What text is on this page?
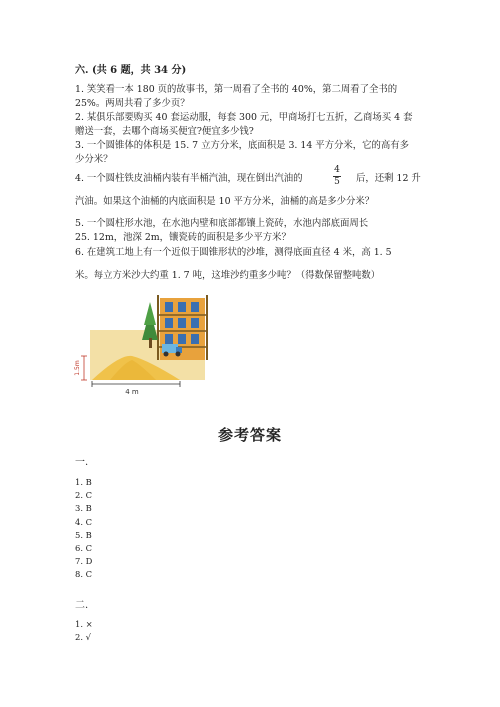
六. (共 6 题，共 34 分)
1. 笑笑看一本 180 页的故事书，第一周看了全书的 40%，第二周看了全书的
25%。两周共看了多少页？
2. 某俱乐部要购买 40 套运动服，每套 300 元，甲商场打七五折，乙商场买 4 套
赠送一套，去哪个商场买便宜?便宜多少钱?
3. 一个圆锥体的体积是 15. 7 立方分米，底面积是 3. 14 平方分米，它的高有多
少分米？
4. 一个圆柱铁皮油桶内装有半桶汽油，现在倒出汽油的
4
5	后，还剩 12 升
汽油。如果这个油桶的内底面积是 10 平方分米，油桶的高是多少分米？
5. 一个圆柱形水池，在水池内壁和底部都镶上瓷砖，水池内部底面周长
25. 12m，池深 2m，镶瓷砖的面积是多少平方米？
6. 在建筑工地上有一个近似于圆锥形状的沙堆，测得底面直径 4 米，高 1. 5
米。每立方米沙大约重 1. 7 吨，这堆沙约重多少吨？（得数保留整吨数）
1.5m
4 m
参考答案
一.
1. B
2. C
3. B
4. C
5. B
6. C
7. D
8. C
二.
1. ×
2. √
